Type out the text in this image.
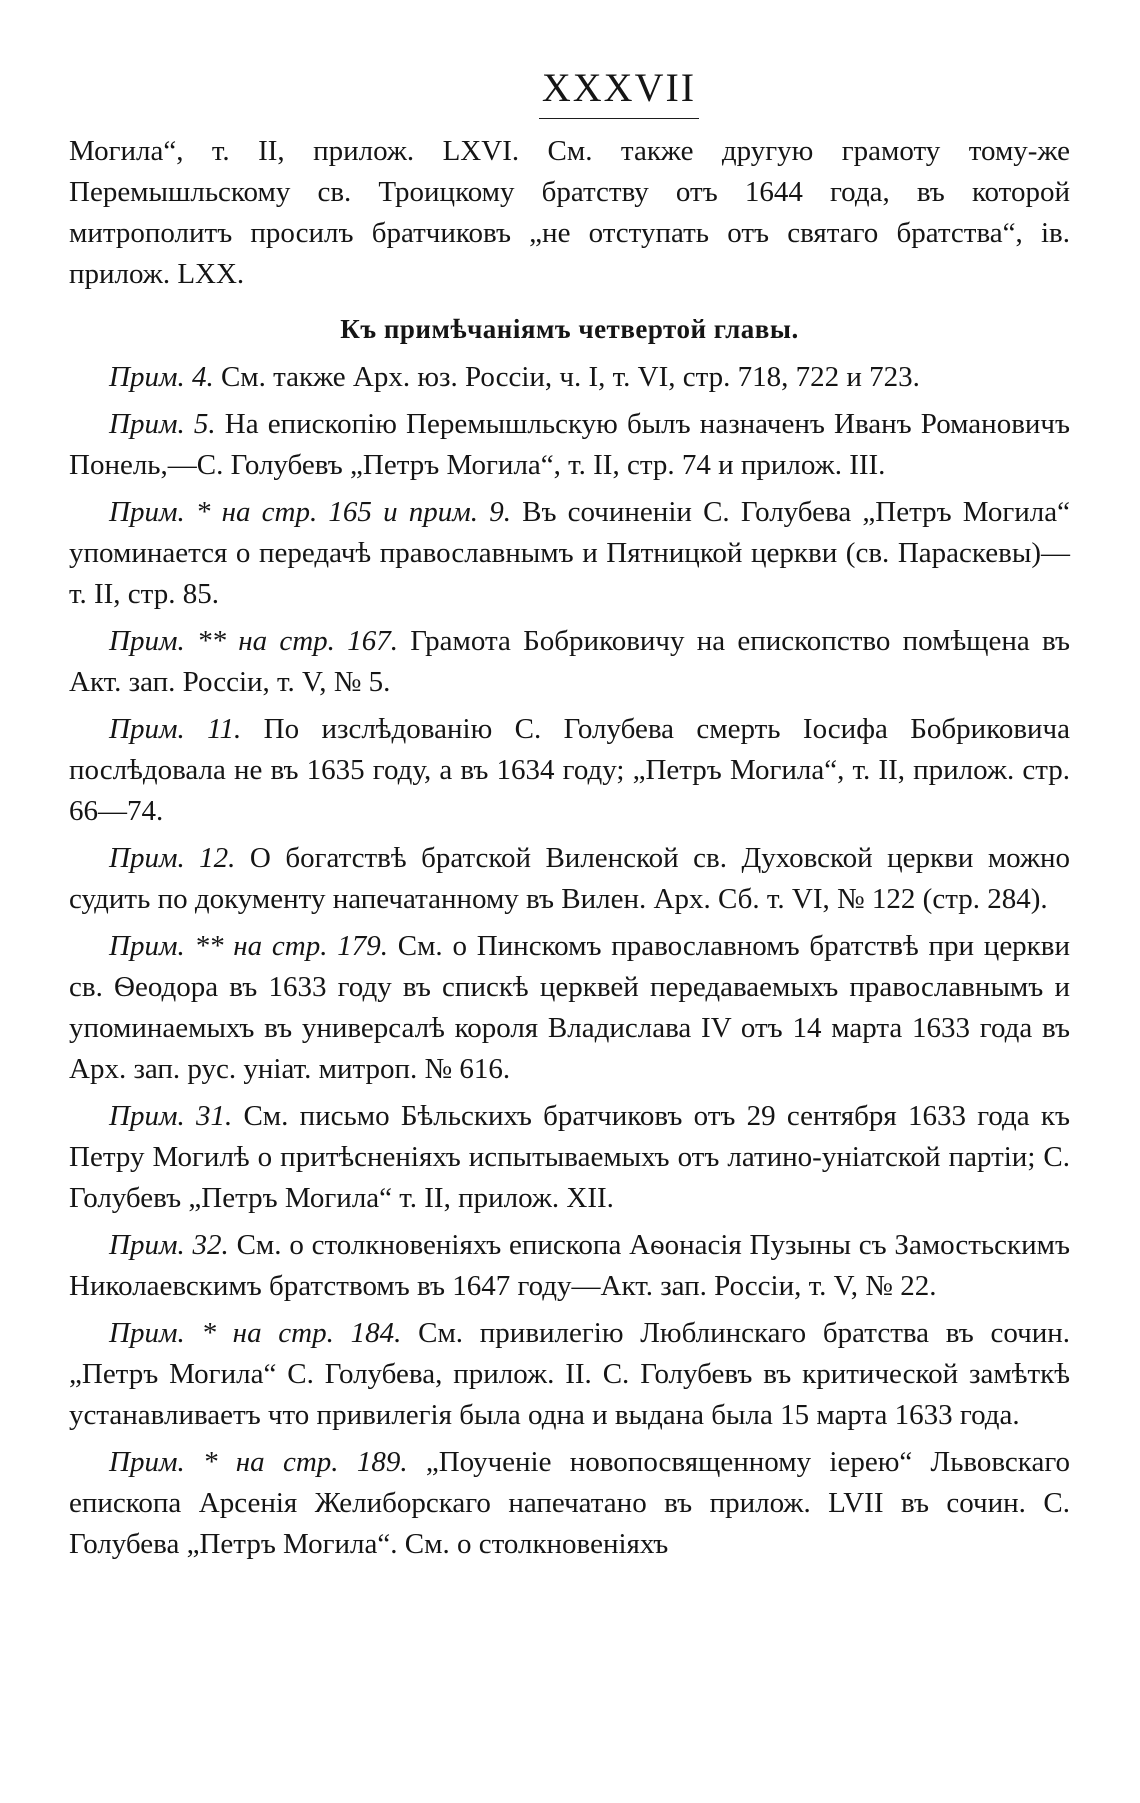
XXXVII

Могила“, т. II, прилож. LXVI. См. также другую грамоту тому-же Перемышльскому св. Троицкому братству отъ 1644 года, въ которой митрополитъ просилъ братчиковъ „не отступать отъ святаго братства“, iв. прилож. LXX.

Къ примѣчаніямъ четвертой главы.

Прим. 4. См. также Арх. юз. Россіи, ч. I, т. VI, стр. 718, 722 и 723.

Прим. 5. На епископію Перемышльскую былъ назначенъ Иванъ Романовичъ Понель,—С. Голубевъ „Петръ Могила“, т. II, стр. 74 и прилож. III.

Прим. * на стр. 165 и прим. 9. Въ сочиненіи С. Голубева „Петръ Могила“ упоминается о передачѣ православнымъ и Пятницкой церкви (св. Параскевы)—т. II, стр. 85.

Прим. ** на стр. 167. Грамота Бобриковичу на епископство помѣщена въ Акт. зап. Россіи, т. V, № 5.

Прим. 11. По изслѣдованію С. Голубева смерть Іосифа Бобриковича послѣдовала не въ 1635 году, а въ 1634 году; „Петръ Могила“, т. II, прилож. стр. 66—74.

Прим. 12. О богатствѣ братской Виленской св. Духовской церкви можно судить по документу напечатанному въ Вилен. Арх. Сб. т. VI, № 122 (стр. 284).

Прим. ** на стр. 179. См. о Пинскомъ православномъ братствѣ при церкви св. Ѳеодора въ 1633 году въ спискѣ церквей передаваемыхъ православнымъ и упоминаемыхъ въ универсалѣ короля Владислава IV отъ 14 марта 1633 года въ Арх. зап. рус. уніат. митроп. № 616.

Прим. 31. См. письмо Бѣльскихъ братчиковъ отъ 29 сентября 1633 года къ Петру Могилѣ о притѣсненіяхъ испытываемыхъ отъ латино-уніатской партіи; С. Голубевъ „Петръ Могила“ т. II, прилож. XII.

Прим. 32. См. о столкновеніяхъ епископа Аѳонасія Пузыны съ Замостьскимъ Николаевскимъ братствомъ въ 1647 году—Акт. зап. Россіи, т. V, № 22.

Прим. * на стр. 184. См. привилегію Люблинскаго братства въ сочин. „Петръ Могила“ С. Голубева, прилож. II. С. Голубевъ въ критической замѣткѣ устанавливаетъ что привилегія была одна и выдана была 15 марта 1633 года.

Прим. * на стр. 189. „Поученіе новопосвященному іерею“ Львовскаго епископа Арсенія Желиборскаго напечатано въ прилож. LVII въ сочин. С. Голубева „Петръ Могила“. См. о столкновеніяхъ
